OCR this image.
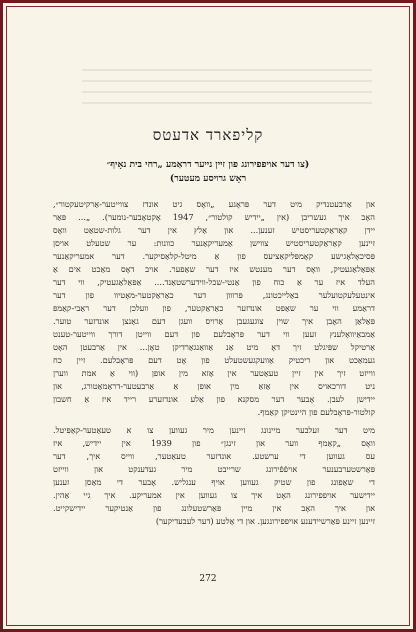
קליפארד אדעטס
(צו דער אויפפירונג פון זיין נייער דראַמע „רחי בית נאָיף״
ראָש גרויסע מעטער)
און אַרבעטנדיק מיט דער פּראָגע „וואָס גיט אונדז צווייטער-אַרקיטעקטור״,
האָב איך געשריבן (אין „יידיש קולטור״, 1947 אָקטאָבער-נומער). „... פּאַר
יידן קאַראַקטעריסטיש זענען... און אַלץ אין דער גלות-שטאַט וואָס
זיינען קאַראַקטעריסטיש צווישן אַמעריקאַנער כוונות: ער שטעלט אויסן
פּסיכאָלאָגישע קאָמפּליקאַציעס פון אַ מיטל-קלאַסיקער. דער אמעריקאַנער
אַפּאַלאַגעטיק, וואָס דער מענטש איז דער שאַפער. אויב דאָס מאַכט אים אַ
העלד איז ער אַ כוח פון אַנטי-שכל-ווידערשטאַנד.... אַפּאַלאַגעטיק, ווי דער
אינטעלעקטועלער באַלייכטונג, פּרווון דער כאַראַקטער-מאָטיוו פון דער
דראַמע ווי ער שאַפט אונדזער כאַראַקטער, פון וועלכן דער ראַבי-קאַמפּ
פּאַלאַן האָבן איך שוין צוגעגעבן אַרויס וועגן דעם גאַנצן אונדזער טוער.
אַמבאַיוואַלענץ זעען ווי דער פּראָבלעם פון דעם ווייטן דורך ווייטער-טענט
אַרטיקל שפּיגלט זיך דאָ מיט אַנ אַוואַנגאַרדיקן טאָן... אין אַרבעטן האָט
געמאַכט און ריכטיק אַוועקגעשטעלט פון אָט דעם פּראָבלעם. זיין כח
ווייזט זיך אין זיין טעאַטער אין אַזא מין אופן (ווי אַ אמת ווערן
ניט דורכאויס אין אַזאַ מין אופן אַ אַרבעטער-דראַמאַטורג, און
יידישן לעבן. אָבער דער מסקנא פון אַלע אונדזערע רייד איז אַ חשבון
קולטור-פּראָבלעם פון היינטיקן קאַמף.
מיט דער זעלבער מיינונג זיינען מיר געווען צו א טעאַטער-קאַפּיטל.
וואָס „קאַמף ווער און זינגן״ פון 1939 אין יידיש, איז
עס געווען די ערשטע. אונדזער טעאַטער, ווייס איך, דער
פּאַרשטערבענער אויפֿפֿירונג שרייבט מיר געדענקט און ווייזט
די שאַפונג פון שטיק געווען אויף ענגליש. אָבער די מאַסן זענען
יידישער אויפפירונג האָט איך צו געווען אין אמעריקע. איך גיי אַהין.
און איך האָב אין מיין פּאַרשטעלונג פון אַנטיקער יידישקייט.
זיינען זיינע פּאַרשיידענע אויפפירונגען. און די אַלטע (דער לעבעדיקער)
272
